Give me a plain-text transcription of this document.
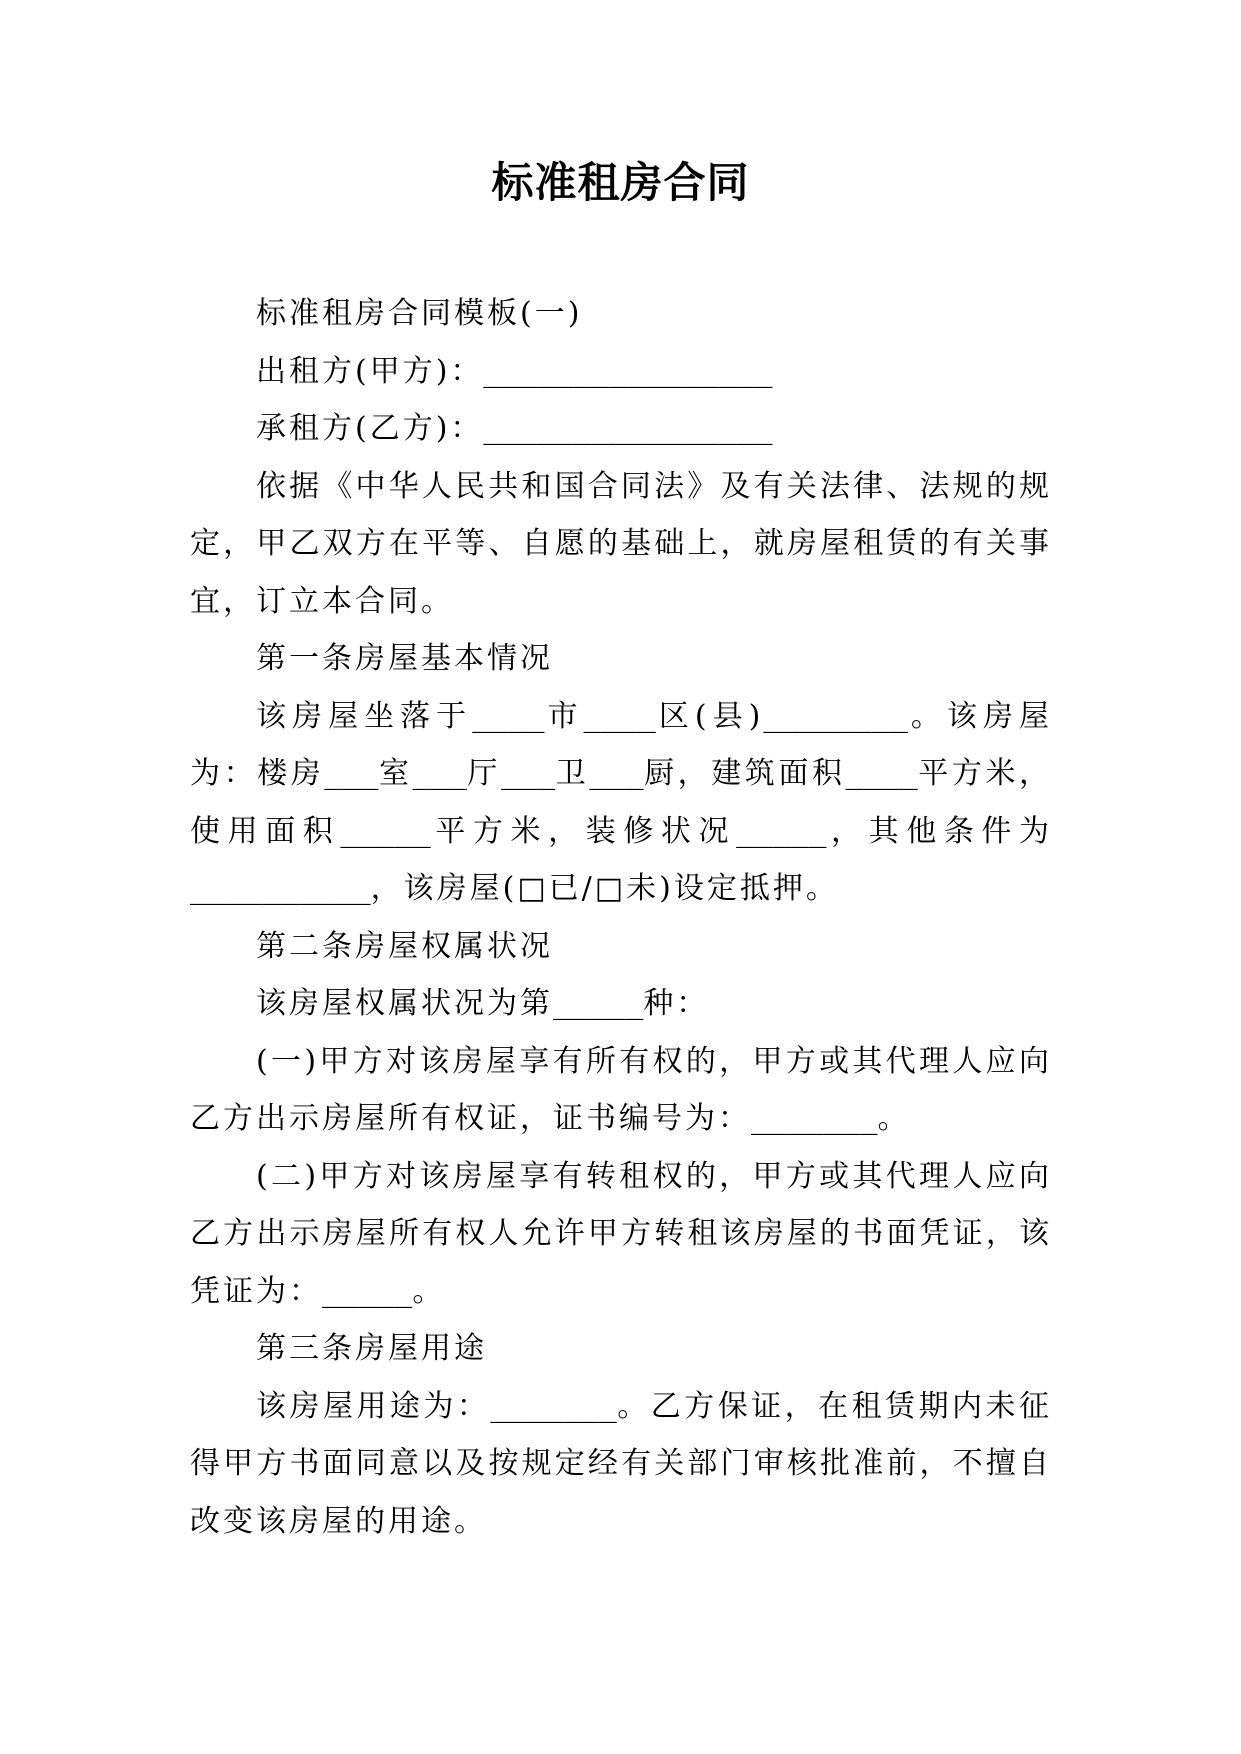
标准租房合同

标准租房合同模板(一)

出租方(甲方)：________________

承租方(乙方)：________________

依据《中华人民共和国合同法》及有关法律、法规的规定，甲乙双方在平等、自愿的基础上，就房屋租赁的有关事宜，订立本合同。

第一条房屋基本情况

该房屋坐落于____市____区(县)________。该房屋为：楼房___室___厅___卫___厨，建筑面积____平方米，使用面积_____平方米，装修状况_____，其他条件为__________，该房屋(□已/□未)设定抵押。

第二条房屋权属状况

该房屋权属状况为第_____种：

(一)甲方对该房屋享有所有权的，甲方或其代理人应向乙方出示房屋所有权证，证书编号为：_______。

(二)甲方对该房屋享有转租权的，甲方或其代理人应向乙方出示房屋所有权人允许甲方转租该房屋的书面凭证，该凭证为：_____。

第三条房屋用途

该房屋用途为：_______。乙方保证，在租赁期内未征得甲方书面同意以及按规定经有关部门审核批准前，不擅自改变该房屋的用途。
